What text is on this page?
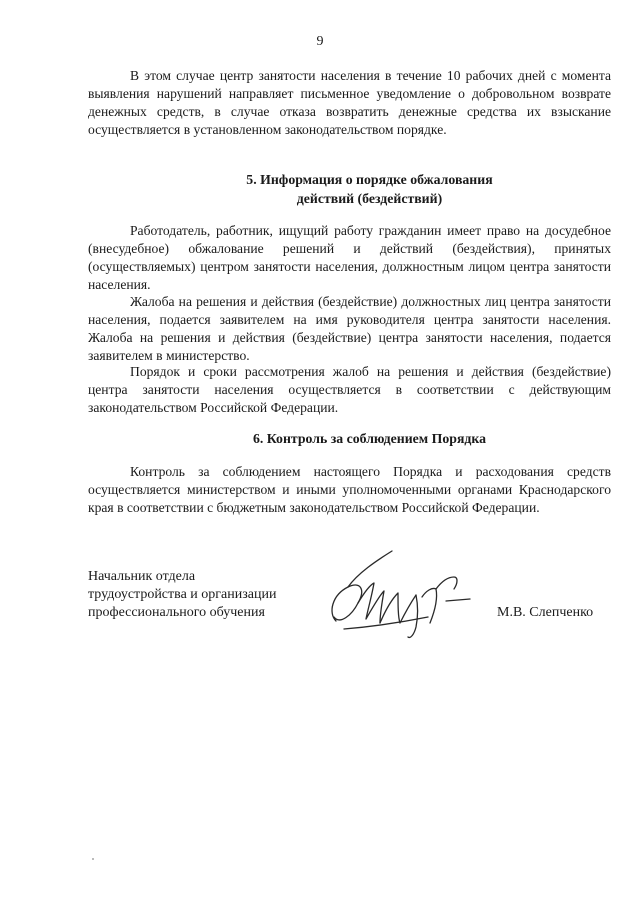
9

В этом случае центр занятости населения в течение 10 рабочих дней с момента выявления нарушений направляет письменное уведомление о добровольном возврате денежных средств, в случае отказа возвратить денежные средства их взыскание осуществляется в установленном законодательством порядке.

5. Информация о порядке обжалования
действий (бездействий)

Работодатель, работник, ищущий работу гражданин имеет право на досудебное (внесудебное) обжалование решений и действий (бездействия), принятых (осуществляемых) центром занятости населения, должностным лицом центра занятости населения.

Жалоба на решения и действия (бездействие) должностных лиц центра занятости населения, подается заявителем на имя руководителя центра занятости населения. Жалоба на решения и действия (бездействие) центра занятости населения, подается заявителем в министерство.

Порядок и сроки рассмотрения жалоб на решения и действия (бездействие) центра занятости населения осуществляется в соответствии с действующим законодательством Российской Федерации.

6. Контроль за соблюдением Порядка

Контроль за соблюдением настоящего Порядка и расходования средств осуществляется министерством и иными уполномоченными органами Краснодарского края в соответствии с бюджетным законодательством Российской Федерации.

Начальник отдела
трудоустройства и организации
профессионального обучения	М.В. Слепченко
